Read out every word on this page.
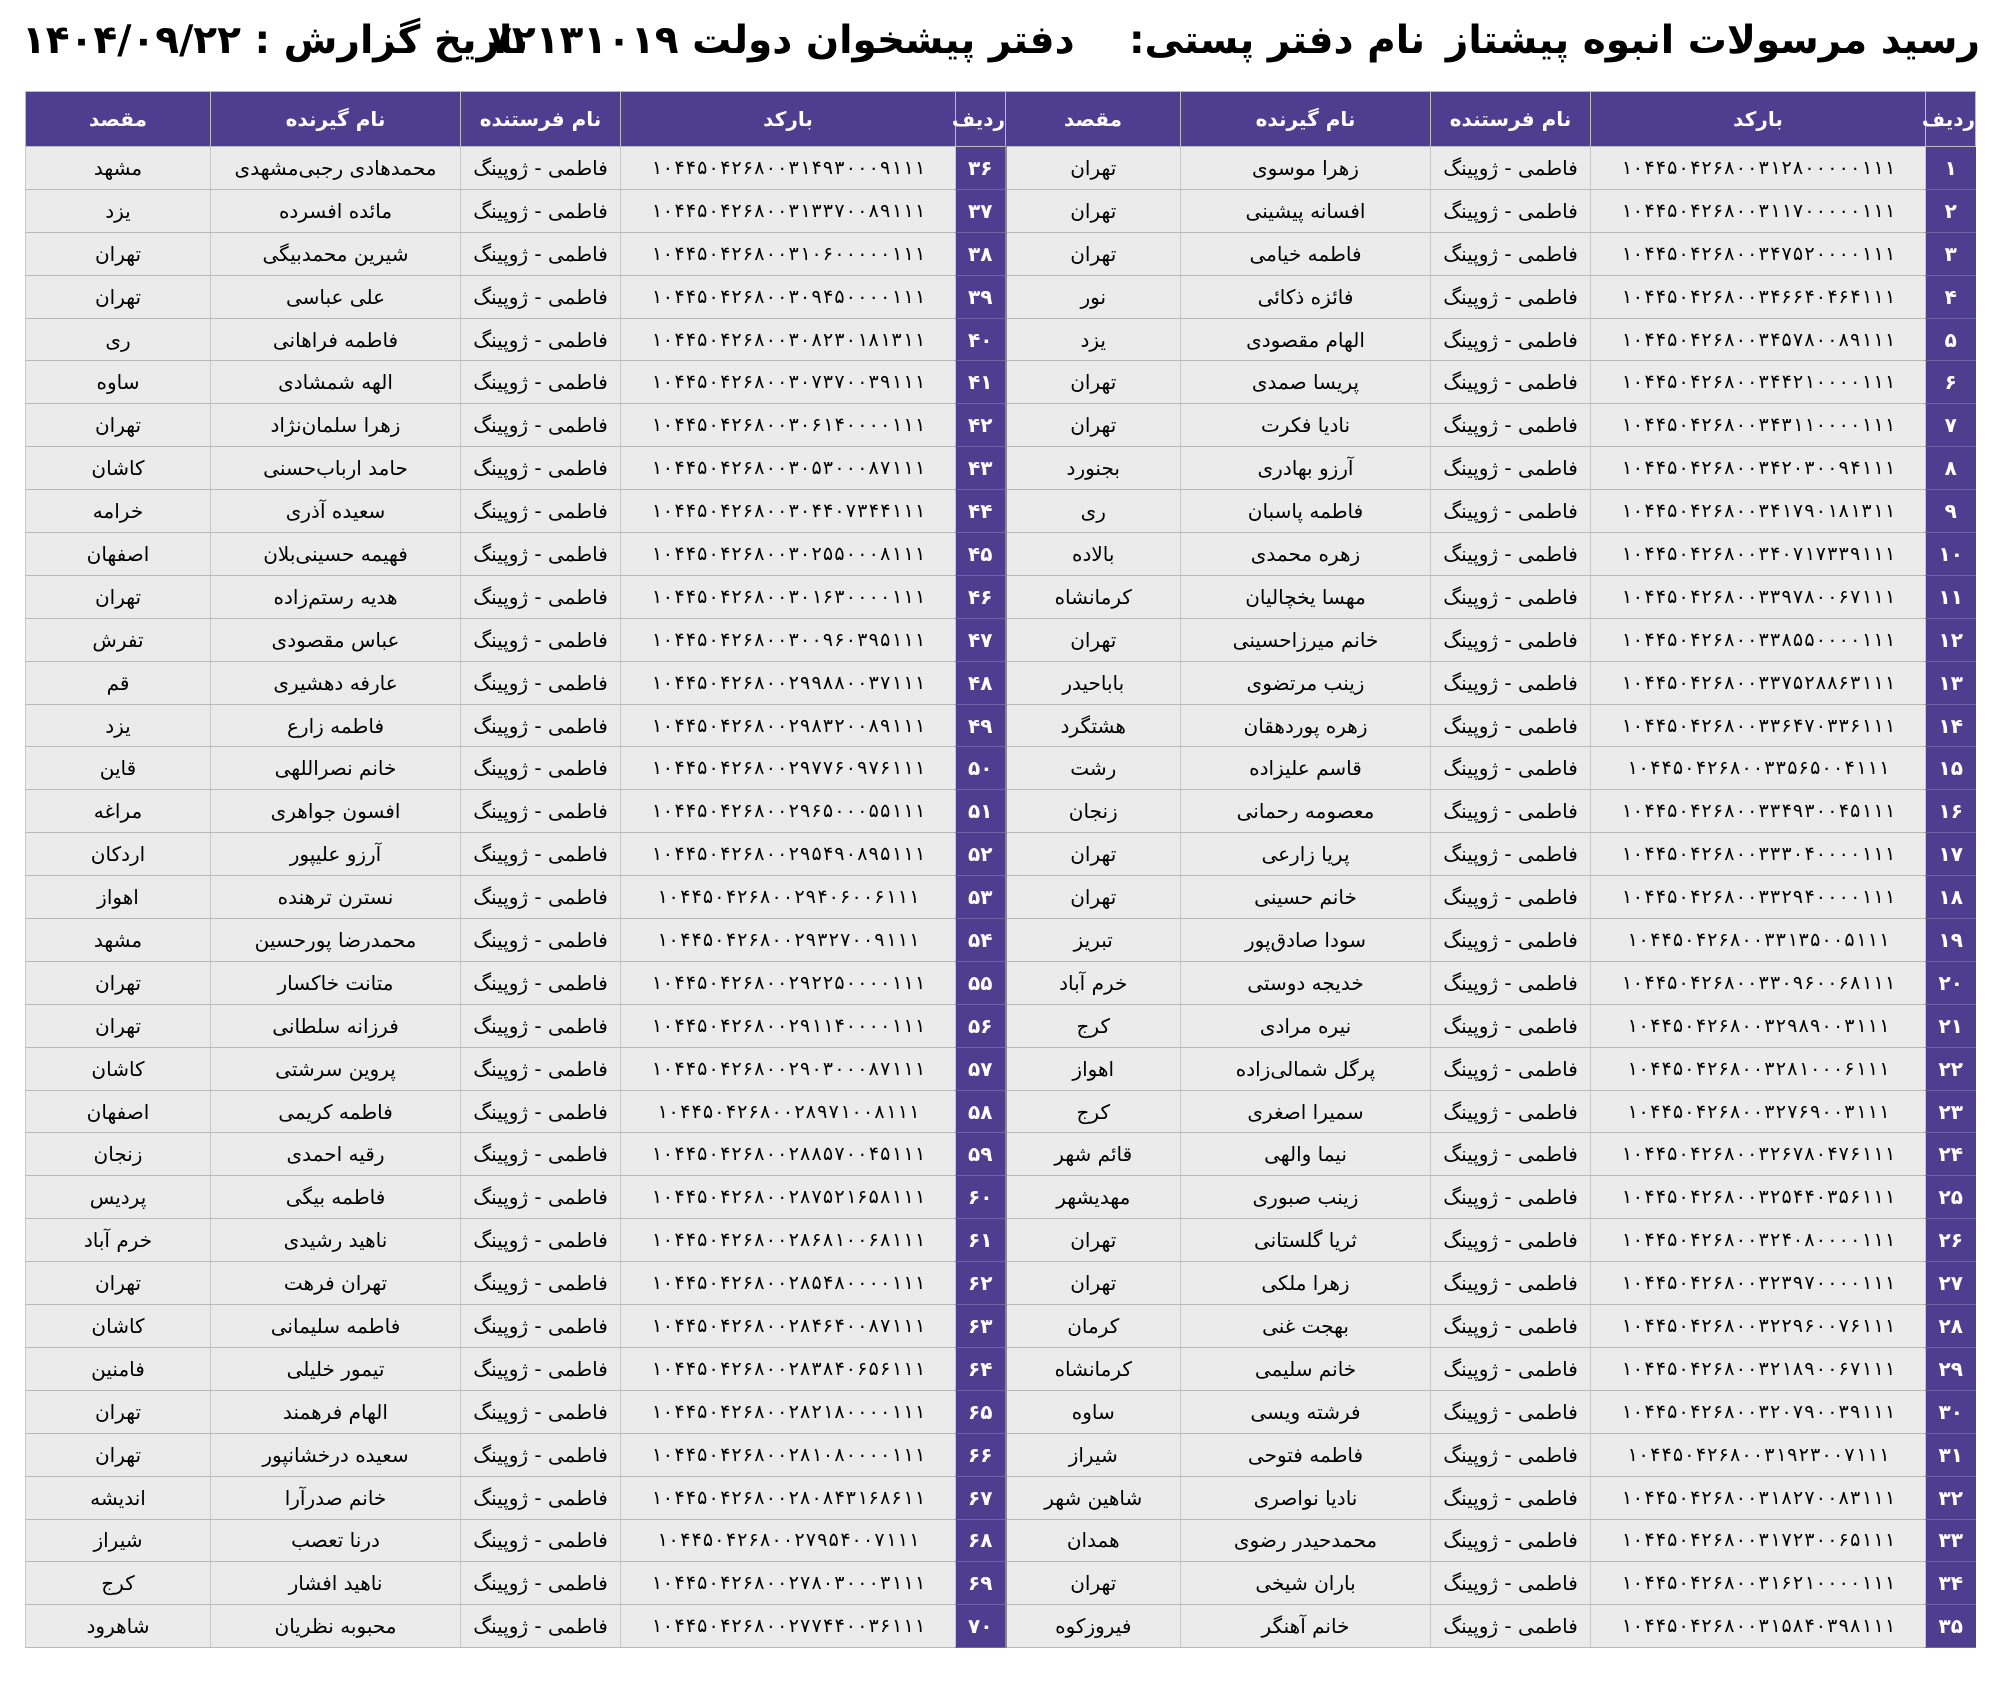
رسید مرسولات انبوه پیشتاز
نام دفتر پستی:    دفتر پیشخوان دولت ۷۲۱۳۱۰۱۹
تاریخ گزارش : ۱۴۰۴/۰۹/۲۲
ردیف	بارکد	نام فرستنده	نام گیرنده	مقصد	ردیف	بارکد	نام فرستنده	نام گیرنده	مقصد
۱	۱۰۴۴۵۰۴۲۶۸۰۰۳۱۲۸۰۰۰۰۰۱۱۱	فاطمی - ژوپینگ	زهرا موسوی	تهران	۳۶	۱۰۴۴۵۰۴۲۶۸۰۰۳۱۴۹۳۰۰۰۹۱۱۱	فاطمی - ژوپینگ	محمدهادی رجبی‌مشهدی	مشهد
۲	۱۰۴۴۵۰۴۲۶۸۰۰۳۱۱۷۰۰۰۰۰۱۱۱	فاطمی - ژوپینگ	افسانه پیشینی	تهران	۳۷	۱۰۴۴۵۰۴۲۶۸۰۰۳۱۳۳۷۰۰۸۹۱۱۱	فاطمی - ژوپینگ	مائده افسرده	یزد
۳	۱۰۴۴۵۰۴۲۶۸۰۰۳۴۷۵۲۰۰۰۰۱۱۱	فاطمی - ژوپینگ	فاطمه خیامی	تهران	۳۸	۱۰۴۴۵۰۴۲۶۸۰۰۳۱۰۶۰۰۰۰۰۱۱۱	فاطمی - ژوپینگ	شیرین محمدبیگی	تهران
۴	۱۰۴۴۵۰۴۲۶۸۰۰۳۴۶۶۴۰۴۶۴۱۱۱	فاطمی - ژوپینگ	فائزه ذکائی	نور	۳۹	۱۰۴۴۵۰۴۲۶۸۰۰۳۰۹۴۵۰۰۰۰۱۱۱	فاطمی - ژوپینگ	علی عباسی	تهران
۵	۱۰۴۴۵۰۴۲۶۸۰۰۳۴۵۷۸۰۰۸۹۱۱۱	فاطمی - ژوپینگ	الهام مقصودی	یزد	۴۰	۱۰۴۴۵۰۴۲۶۸۰۰۳۰۸۲۳۰۱۸۱۳۱۱	فاطمی - ژوپینگ	فاطمه فراهانی	ری
۶	۱۰۴۴۵۰۴۲۶۸۰۰۳۴۴۲۱۰۰۰۰۱۱۱	فاطمی - ژوپینگ	پریسا صمدی	تهران	۴۱	۱۰۴۴۵۰۴۲۶۸۰۰۳۰۷۳۷۰۰۳۹۱۱۱	فاطمی - ژوپینگ	الهه شمشادی	ساوه
۷	۱۰۴۴۵۰۴۲۶۸۰۰۳۴۳۱۱۰۰۰۰۱۱۱	فاطمی - ژوپینگ	نادیا فکرت	تهران	۴۲	۱۰۴۴۵۰۴۲۶۸۰۰۳۰۶۱۴۰۰۰۰۱۱۱	فاطمی - ژوپینگ	زهرا سلمان‌نژاد	تهران
۸	۱۰۴۴۵۰۴۲۶۸۰۰۳۴۲۰۳۰۰۹۴۱۱۱	فاطمی - ژوپینگ	آرزو بهادری	بجنورد	۴۳	۱۰۴۴۵۰۴۲۶۸۰۰۳۰۵۳۰۰۰۸۷۱۱۱	فاطمی - ژوپینگ	حامد ارباب‌حسنی	کاشان
۹	۱۰۴۴۵۰۴۲۶۸۰۰۳۴۱۷۹۰۱۸۱۳۱۱	فاطمی - ژوپینگ	فاطمه پاسبان	ری	۴۴	۱۰۴۴۵۰۴۲۶۸۰۰۳۰۴۴۰۷۳۴۴۱۱۱	فاطمی - ژوپینگ	سعیده آذری	خرامه
۱۰	۱۰۴۴۵۰۴۲۶۸۰۰۳۴۰۷۱۷۳۳۹۱۱۱	فاطمی - ژوپینگ	زهره محمدی	بالاده	۴۵	۱۰۴۴۵۰۴۲۶۸۰۰۳۰۲۵۵۰۰۰۸۱۱۱	فاطمی - ژوپینگ	فهیمه حسینی‌بلان	اصفهان
۱۱	۱۰۴۴۵۰۴۲۶۸۰۰۳۳۹۷۸۰۰۶۷۱۱۱	فاطمی - ژوپینگ	مهسا یخچالیان	کرمانشاه	۴۶	۱۰۴۴۵۰۴۲۶۸۰۰۳۰۱۶۳۰۰۰۰۱۱۱	فاطمی - ژوپینگ	هدیه رستم‌زاده	تهران
۱۲	۱۰۴۴۵۰۴۲۶۸۰۰۳۳۸۵۵۰۰۰۰۱۱۱	فاطمی - ژوپینگ	خانم میرزاحسینی	تهران	۴۷	۱۰۴۴۵۰۴۲۶۸۰۰۳۰۰۹۶۰۳۹۵۱۱۱	فاطمی - ژوپینگ	عباس مقصودی	تفرش
۱۳	۱۰۴۴۵۰۴۲۶۸۰۰۳۳۷۵۲۸۸۶۳۱۱۱	فاطمی - ژوپینگ	زینب مرتضوی	باباحیدر	۴۸	۱۰۴۴۵۰۴۲۶۸۰۰۲۹۹۸۸۰۰۳۷۱۱۱	فاطمی - ژوپینگ	عارفه دهشیری	قم
۱۴	۱۰۴۴۵۰۴۲۶۸۰۰۳۳۶۴۷۰۳۳۶۱۱۱	فاطمی - ژوپینگ	زهره پوردهقان	هشتگرد	۴۹	۱۰۴۴۵۰۴۲۶۸۰۰۲۹۸۳۲۰۰۸۹۱۱۱	فاطمی - ژوپینگ	فاطمه زارع	یزد
۱۵	۱۰۴۴۵۰۴۲۶۸۰۰۳۳۵۶۵۰۰۴۱۱۱	فاطمی - ژوپینگ	قاسم علیزاده	رشت	۵۰	۱۰۴۴۵۰۴۲۶۸۰۰۲۹۷۷۶۰۹۷۶۱۱۱	فاطمی - ژوپینگ	خانم نصراللهی	قاین
۱۶	۱۰۴۴۵۰۴۲۶۸۰۰۳۳۴۹۳۰۰۴۵۱۱۱	فاطمی - ژوپینگ	معصومه رحمانی	زنجان	۵۱	۱۰۴۴۵۰۴۲۶۸۰۰۲۹۶۵۰۰۰۵۵۱۱۱	فاطمی - ژوپینگ	افسون جواهری	مراغه
۱۷	۱۰۴۴۵۰۴۲۶۸۰۰۳۳۳۰۴۰۰۰۰۱۱۱	فاطمی - ژوپینگ	پریا زارعی	تهران	۵۲	۱۰۴۴۵۰۴۲۶۸۰۰۲۹۵۴۹۰۸۹۵۱۱۱	فاطمی - ژوپینگ	آرزو علیپور	اردکان
۱۸	۱۰۴۴۵۰۴۲۶۸۰۰۳۳۲۹۴۰۰۰۰۱۱۱	فاطمی - ژوپینگ	خانم حسینی	تهران	۵۳	۱۰۴۴۵۰۴۲۶۸۰۰۲۹۴۰۶۰۰۶۱۱۱	فاطمی - ژوپینگ	نسترن ترهنده	اهواز
۱۹	۱۰۴۴۵۰۴۲۶۸۰۰۳۳۱۳۵۰۰۵۱۱۱	فاطمی - ژوپینگ	سودا صادق‌پور	تبریز	۵۴	۱۰۴۴۵۰۴۲۶۸۰۰۲۹۳۲۷۰۰۹۱۱۱	فاطمی - ژوپینگ	محمدرضا پورحسین	مشهد
۲۰	۱۰۴۴۵۰۴۲۶۸۰۰۳۳۰۹۶۰۰۶۸۱۱۱	فاطمی - ژوپینگ	خدیجه دوستی	خرم آباد	۵۵	۱۰۴۴۵۰۴۲۶۸۰۰۲۹۲۲۵۰۰۰۰۱۱۱	فاطمی - ژوپینگ	متانت خاکسار	تهران
۲۱	۱۰۴۴۵۰۴۲۶۸۰۰۳۲۹۸۹۰۰۳۱۱۱	فاطمی - ژوپینگ	نیره مرادی	کرج	۵۶	۱۰۴۴۵۰۴۲۶۸۰۰۲۹۱۱۴۰۰۰۰۱۱۱	فاطمی - ژوپینگ	فرزانه سلطانی	تهران
۲۲	۱۰۴۴۵۰۴۲۶۸۰۰۳۲۸۱۰۰۰۶۱۱۱	فاطمی - ژوپینگ	پرگل شمالی‌زاده	اهواز	۵۷	۱۰۴۴۵۰۴۲۶۸۰۰۲۹۰۳۰۰۰۸۷۱۱۱	فاطمی - ژوپینگ	پروین سرشتی	کاشان
۲۳	۱۰۴۴۵۰۴۲۶۸۰۰۳۲۷۶۹۰۰۳۱۱۱	فاطمی - ژوپینگ	سمیرا اصغری	کرج	۵۸	۱۰۴۴۵۰۴۲۶۸۰۰۲۸۹۷۱۰۰۸۱۱۱	فاطمی - ژوپینگ	فاطمه کریمی	اصفهان
۲۴	۱۰۴۴۵۰۴۲۶۸۰۰۳۲۶۷۸۰۴۷۶۱۱۱	فاطمی - ژوپینگ	نیما والهی	قائم شهر	۵۹	۱۰۴۴۵۰۴۲۶۸۰۰۲۸۸۵۷۰۰۴۵۱۱۱	فاطمی - ژوپینگ	رقیه احمدی	زنجان
۲۵	۱۰۴۴۵۰۴۲۶۸۰۰۳۲۵۴۴۰۳۵۶۱۱۱	فاطمی - ژوپینگ	زینب صبوری	مهدیشهر	۶۰	۱۰۴۴۵۰۴۲۶۸۰۰۲۸۷۵۲۱۶۵۸۱۱۱	فاطمی - ژوپینگ	فاطمه بیگی	پردیس
۲۶	۱۰۴۴۵۰۴۲۶۸۰۰۳۲۴۰۸۰۰۰۰۱۱۱	فاطمی - ژوپینگ	ثریا گلستانی	تهران	۶۱	۱۰۴۴۵۰۴۲۶۸۰۰۲۸۶۸۱۰۰۶۸۱۱۱	فاطمی - ژوپینگ	ناهید رشیدی	خرم آباد
۲۷	۱۰۴۴۵۰۴۲۶۸۰۰۳۲۳۹۷۰۰۰۰۱۱۱	فاطمی - ژوپینگ	زهرا ملکی	تهران	۶۲	۱۰۴۴۵۰۴۲۶۸۰۰۲۸۵۴۸۰۰۰۰۱۱۱	فاطمی - ژوپینگ	تهران فرهت	تهران
۲۸	۱۰۴۴۵۰۴۲۶۸۰۰۳۲۲۹۶۰۰۷۶۱۱۱	فاطمی - ژوپینگ	بهجت غنی	کرمان	۶۳	۱۰۴۴۵۰۴۲۶۸۰۰۲۸۴۶۴۰۰۸۷۱۱۱	فاطمی - ژوپینگ	فاطمه سلیمانی	کاشان
۲۹	۱۰۴۴۵۰۴۲۶۸۰۰۳۲۱۸۹۰۰۶۷۱۱۱	فاطمی - ژوپینگ	خانم سلیمی	کرمانشاه	۶۴	۱۰۴۴۵۰۴۲۶۸۰۰۲۸۳۸۴۰۶۵۶۱۱۱	فاطمی - ژوپینگ	تیمور خلیلی	فامنین
۳۰	۱۰۴۴۵۰۴۲۶۸۰۰۳۲۰۷۹۰۰۳۹۱۱۱	فاطمی - ژوپینگ	فرشته ویسی	ساوه	۶۵	۱۰۴۴۵۰۴۲۶۸۰۰۲۸۲۱۸۰۰۰۰۱۱۱	فاطمی - ژوپینگ	الهام فرهمند	تهران
۳۱	۱۰۴۴۵۰۴۲۶۸۰۰۳۱۹۲۳۰۰۷۱۱۱	فاطمی - ژوپینگ	فاطمه فتوحی	شیراز	۶۶	۱۰۴۴۵۰۴۲۶۸۰۰۲۸۱۰۸۰۰۰۰۱۱۱	فاطمی - ژوپینگ	سعیده درخشانپور	تهران
۳۲	۱۰۴۴۵۰۴۲۶۸۰۰۳۱۸۲۷۰۰۸۳۱۱۱	فاطمی - ژوپینگ	نادیا نواصری	شاهین شهر	۶۷	۱۰۴۴۵۰۴۲۶۸۰۰۲۸۰۸۴۳۱۶۸۶۱۱	فاطمی - ژوپینگ	خانم صدرآرا	اندیشه
۳۳	۱۰۴۴۵۰۴۲۶۸۰۰۳۱۷۲۳۰۰۶۵۱۱۱	فاطمی - ژوپینگ	محمدحیدر رضوی	همدان	۶۸	۱۰۴۴۵۰۴۲۶۸۰۰۲۷۹۵۴۰۰۷۱۱۱	فاطمی - ژوپینگ	درنا تعصب	شیراز
۳۴	۱۰۴۴۵۰۴۲۶۸۰۰۳۱۶۲۱۰۰۰۰۱۱۱	فاطمی - ژوپینگ	باران شیخی	تهران	۶۹	۱۰۴۴۵۰۴۲۶۸۰۰۲۷۸۰۳۰۰۰۳۱۱۱	فاطمی - ژوپینگ	ناهید افشار	کرج
۳۵	۱۰۴۴۵۰۴۲۶۸۰۰۳۱۵۸۴۰۳۹۸۱۱۱	فاطمی - ژوپینگ	خانم آهنگر	فیروزکوه	۷۰	۱۰۴۴۵۰۴۲۶۸۰۰۲۷۷۴۴۰۰۳۶۱۱۱	فاطمی - ژوپینگ	محبوبه نظریان	شاهرود
